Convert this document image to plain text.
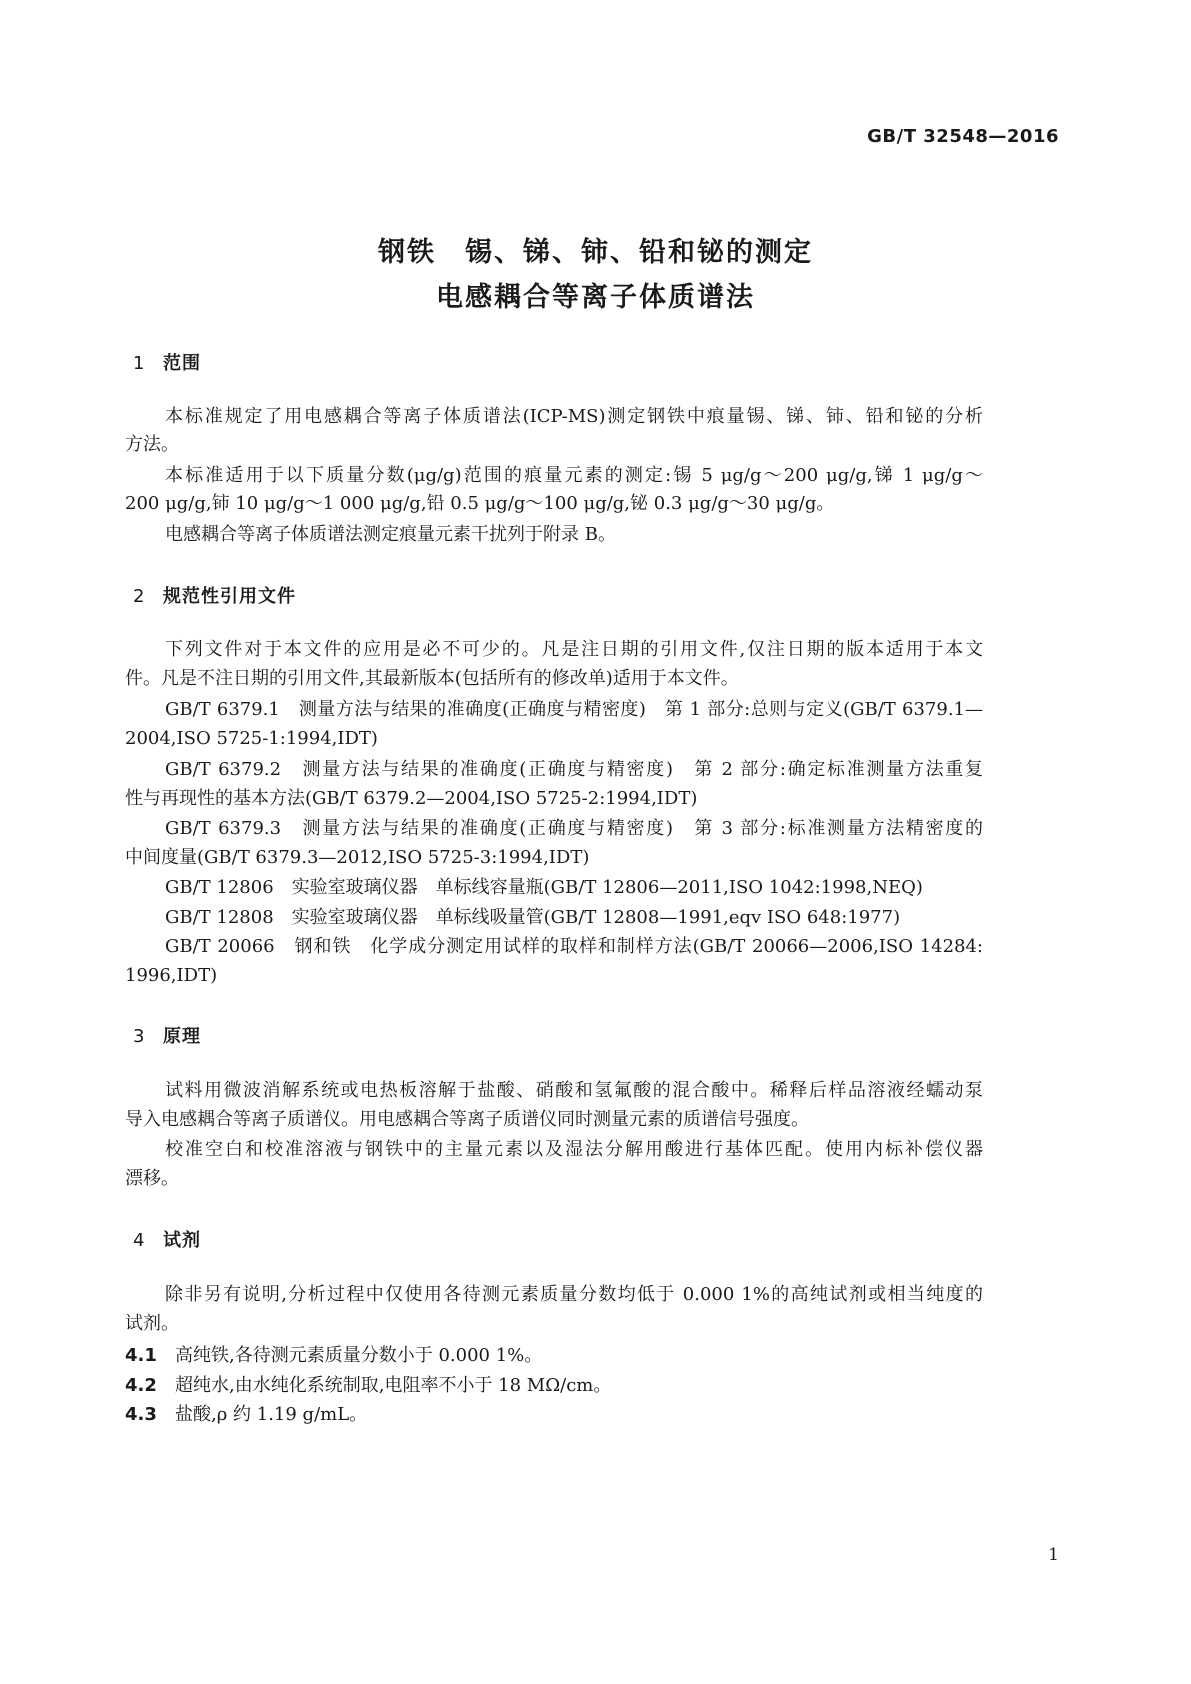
GB/T 32548—2016
钢铁　锡、锑、铈、铅和铋的测定
电感耦合等离子体质谱法
1 范围
本标准规定了用电感耦合等离子体质谱法(ICP-MS)测定钢铁中痕量锡、锑、铈、铅和铋的分析
方法。
本标准适用于以下质量分数(μg/g)范围的痕量元素的测定:锡 5 μg/g～200 μg/g,锑 1 μg/g～
200 μg/g,铈 10 μg/g～1 000 μg/g,铅 0.5 μg/g～100 μg/g,铋 0.3 μg/g～30 μg/g。
电感耦合等离子体质谱法测定痕量元素干扰列于附录 B。
2 规范性引用文件
下列文件对于本文件的应用是必不可少的。凡是注日期的引用文件,仅注日期的版本适用于本文
件。凡是不注日期的引用文件,其最新版本(包括所有的修改单)适用于本文件。
GB/T 6379.1　测量方法与结果的准确度(正确度与精密度)　第 1 部分:总则与定义(GB/T 6379.1—
2004,ISO 5725-1:1994,IDT)
GB/T 6379.2　测量方法与结果的准确度(正确度与精密度)　第 2 部分:确定标准测量方法重复
性与再现性的基本方法(GB/T 6379.2—2004,ISO 5725-2:1994,IDT)
GB/T 6379.3　测量方法与结果的准确度(正确度与精密度)　第 3 部分:标准测量方法精密度的
中间度量(GB/T 6379.3—2012,ISO 5725-3:1994,IDT)
GB/T 12806　实验室玻璃仪器　单标线容量瓶(GB/T 12806—2011,ISO 1042:1998,NEQ)
GB/T 12808　实验室玻璃仪器　单标线吸量管(GB/T 12808—1991,eqv ISO 648:1977)
GB/T 20066　钢和铁　化学成分测定用试样的取样和制样方法(GB/T 20066—2006,ISO 14284:
1996,IDT)
3 原理
试料用微波消解系统或电热板溶解于盐酸、硝酸和氢氟酸的混合酸中。稀释后样品溶液经蠕动泵
导入电感耦合等离子质谱仪。用电感耦合等离子质谱仪同时测量元素的质谱信号强度。
校准空白和校准溶液与钢铁中的主量元素以及湿法分解用酸进行基体匹配。使用内标补偿仪器
漂移。
4 试剂
除非另有说明,分析过程中仅使用各待测元素质量分数均低于 0.000 1%的高纯试剂或相当纯度的
试剂。
4.1 高纯铁,各待测元素质量分数小于 0.000 1%。
4.2 超纯水,由水纯化系统制取,电阻率不小于 18 MΩ/cm。
4.3 盐酸,ρ 约 1.19 g/mL。
1
